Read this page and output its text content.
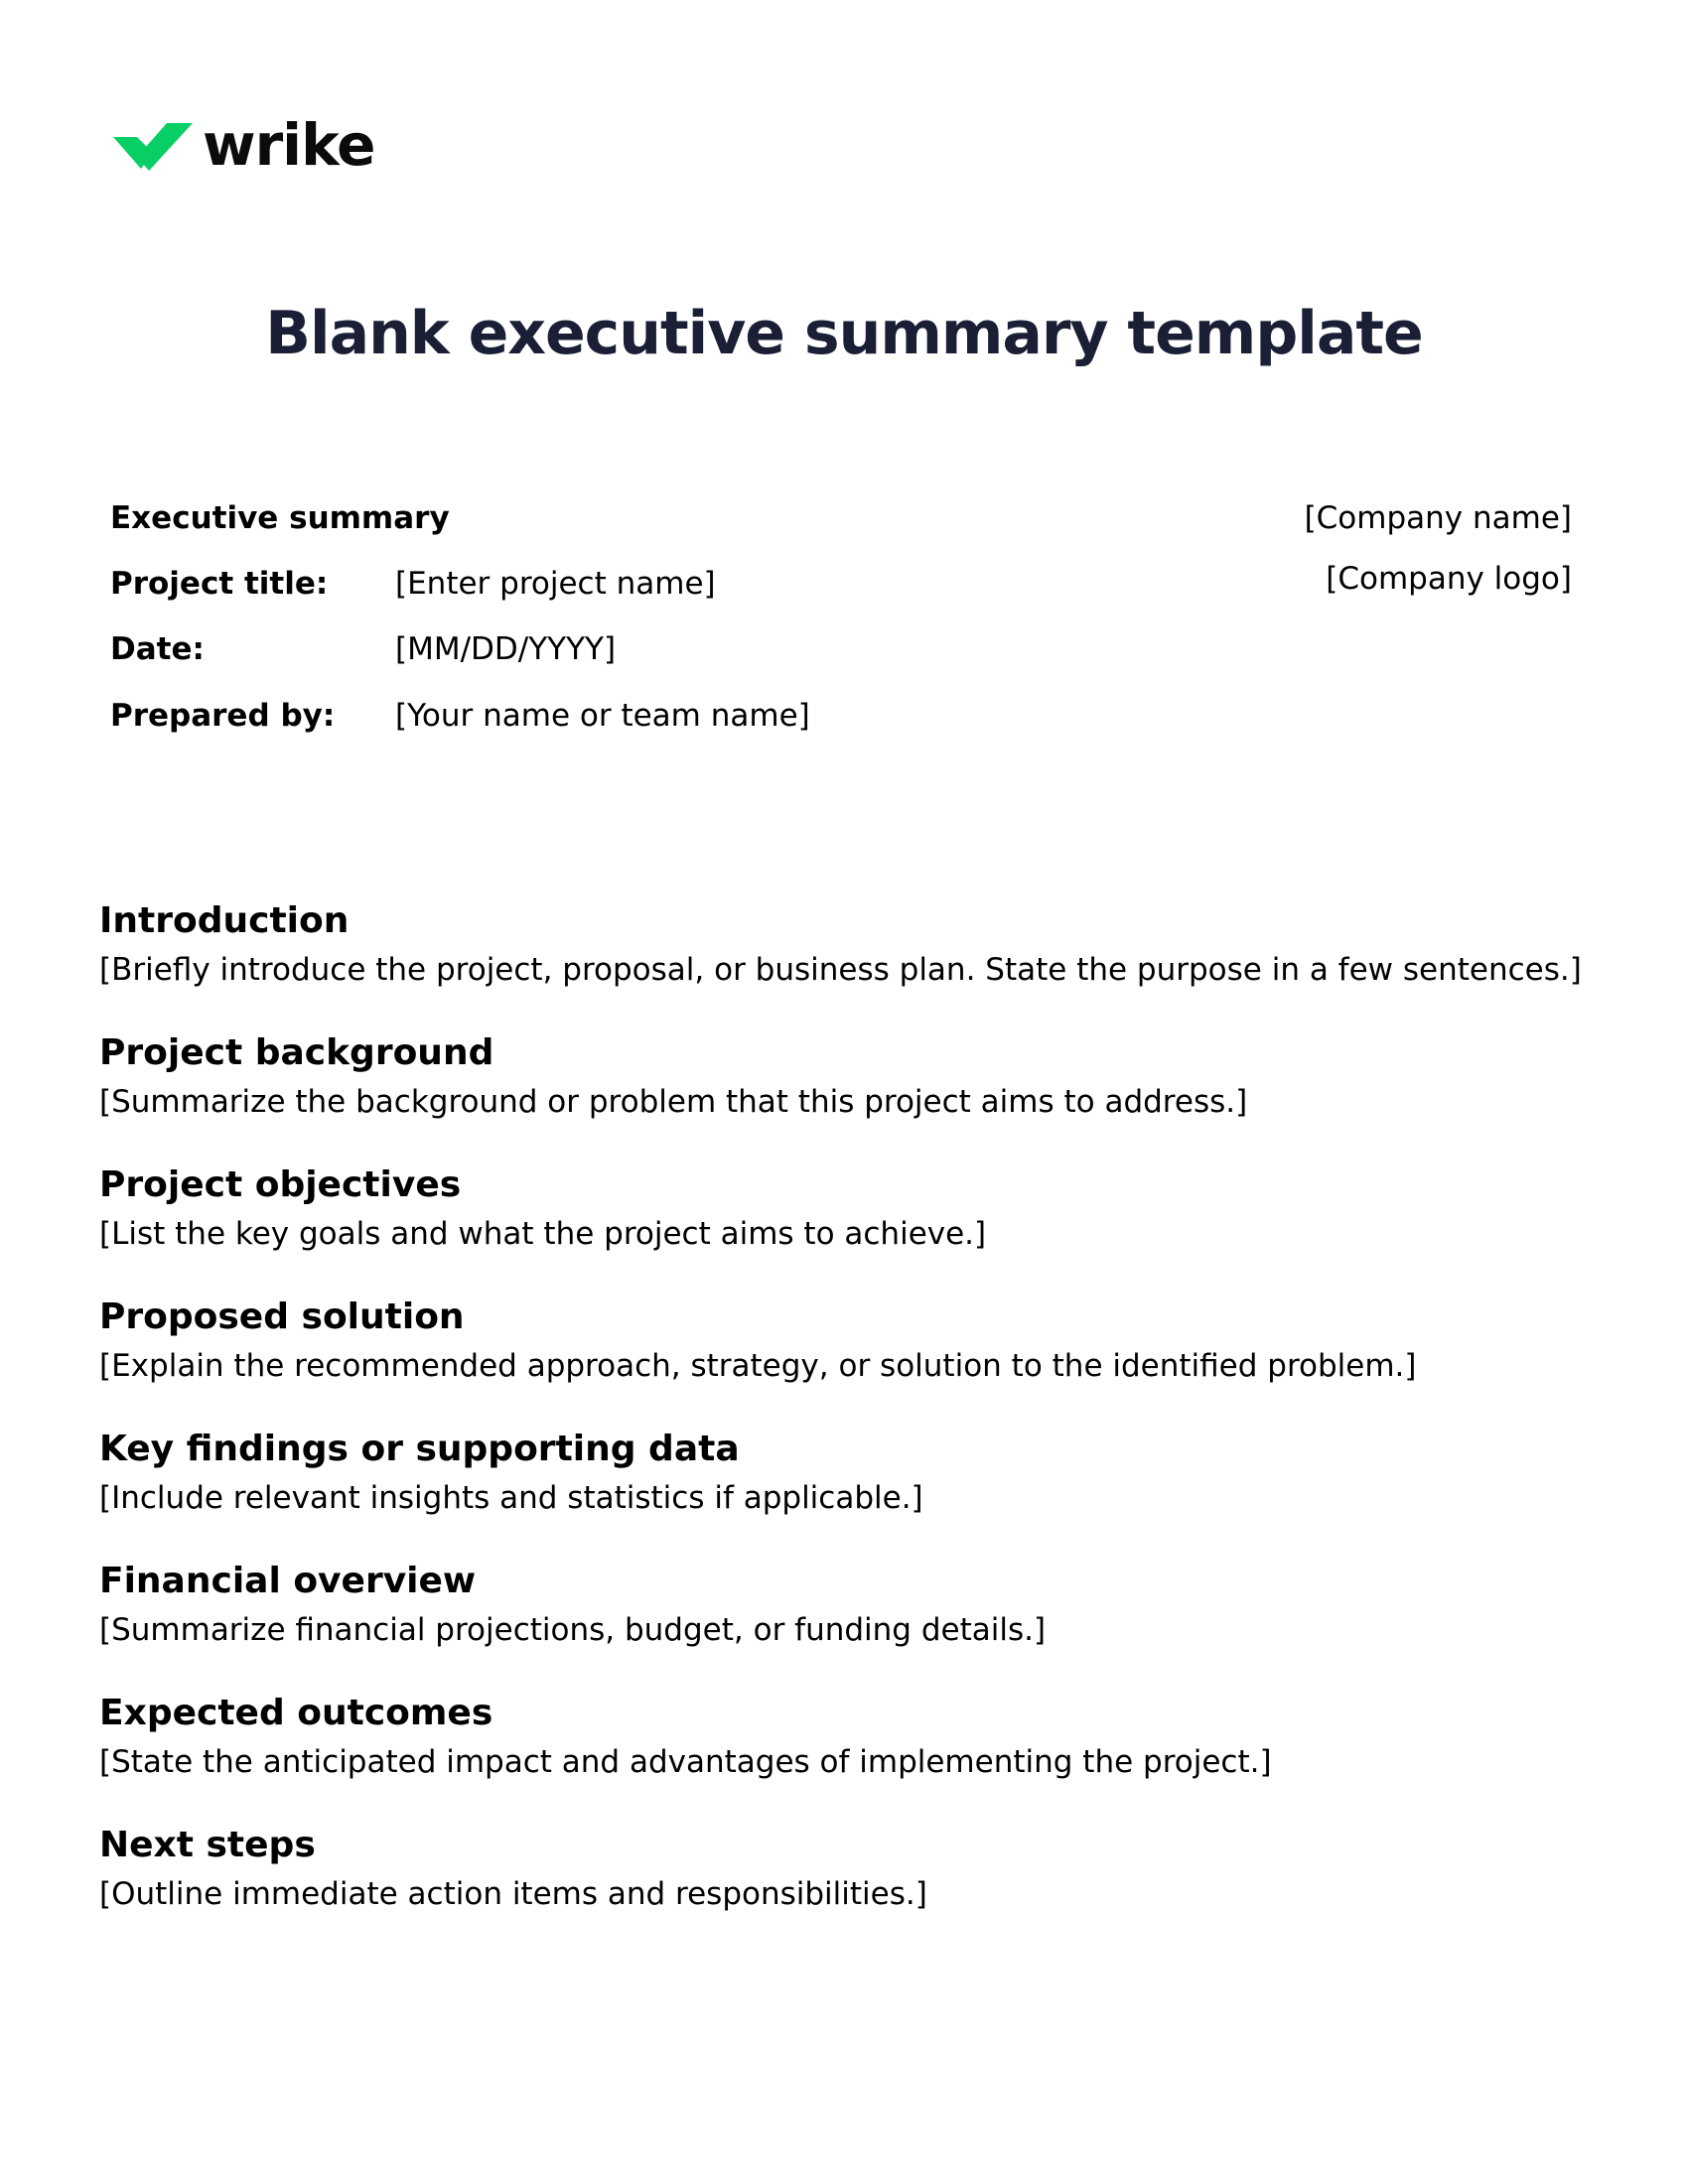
wrike
Blank executive summary template
Executive summary
Project title: [Enter project name]
Date:	[MM/DD/YYYY]
Prepared by: [Your name or team name]
[Company name]
[Company logo]
Introduction

[Briefly introduce the project, proposal, or business plan. State the purpose in a few sentences.]

Project background

[Summarize the background or problem that this project aims to address.]

Project objectives

[List the key goals and what the project aims to achieve.]

Proposed solution

[Explain the recommended approach, strategy, or solution to the identified problem.]

Key findings or supporting data

[Include relevant insights and statistics if applicable.]

Financial overview

[Summarize financial projections, budget, or funding details.]

Expected outcomes

[State the anticipated impact and advantages of implementing the project.]

Next steps

[Outline immediate action items and responsibilities.]
